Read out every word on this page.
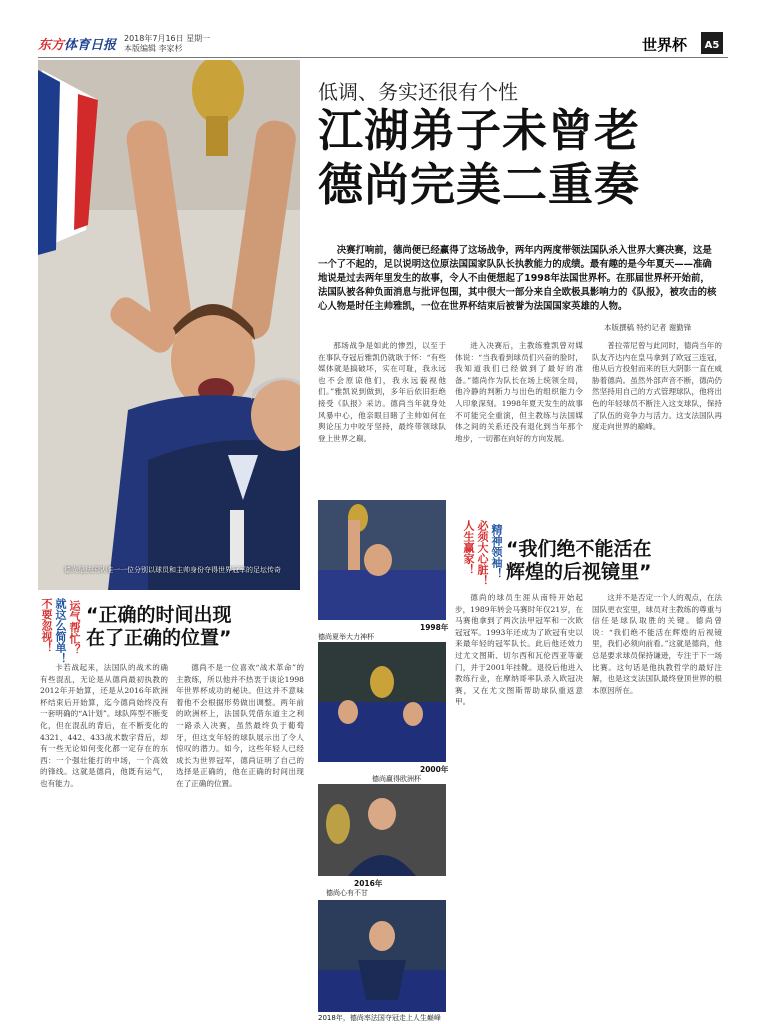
东方体育日报 2018年7月16日 星期一
本版编辑 李家杉	世界杯	A5
德尚是法国队唯一一位分别以球员和主帅身份夺得世界冠军的足坛传奇
低调、务实还很有个性
江湖弟子未曾老
德尚完美二重奏
决赛打响前，德尚便已经赢得了这场战争，两年内两度带领法国队杀入世界大赛决赛，这是一个了不起的，足以说明这位原法国国家队队长执教能力的成绩。最有趣的是今年夏天——准确地说是过去两年里发生的故事，令人不由便想起了1998年法国世界杯。在那届世界杯开始前，法国队被各种负面消息与批评包围，其中很大一部分来自全欧极具影响力的《队报》，被攻击的核心人物是时任主帅雅凯，一位在世界杯结束后被誉为法国国家英雄的人物。
本版撰稿 特约记者 谢勤锋
那场战争是如此的惨烈，以至于在事队夺冠后雅凯仍就耿于怀：“有些媒体就是搞破坏，实在可耻，我永远也不会原谅他们，我永远藐视他们。”雅凯说到做到，多年后依旧拒绝接受《队报》采访。德尚当年就身处风暴中心，他亲眼目睹了主帅如何在舆论压力中咬牙坚持，最终带领球队登上世界之巅。
进入决赛后，主教练雅凯曾对媒体说：“当我看到球员们兴奋的脸时，我知道我们已经做到了最好的准备。”德尚作为队长在场上统领全局，他冷静的判断力与出色的组织能力令人印象深刻。1998年夏天发生的故事不可能完全重演，但主教练与法国媒体之间的关系还没有退化到当年那个地步，一切都在向好的方向发展。
普拉蒂尼曾与此同时，德尚当年的队友齐达内在皇马拿到了欧冠三连冠，他从后方投射而来的巨大阴影一直在威胁着德尚。虽然外部声音不断，德尚仍然坚持用自己的方式管理球队，他将出色的年轻球员不断注入这支球队，保持了队伍的竞争力与活力。这支法国队再度走向世界的巅峰。
不要忽视！ 就这么简单！ 运气帮忙？ “正确的时间出现
在了正确的位置”
卡若战起来，法国队的战术的确有些混乱，无论是从德尚最初执教的2012年开始算，还是从2016年欧洲杯结束后开始算，迄今德尚始终没有一套明确的“A计划”。球队阵型不断变化，但在混乱的背后，在不断变化的4321、442、433战术数字背后，却有一些无论如何变化都一定存在的东西：一个强壮能打的中场，一个高效的锋线。这就是德尚，他既有运气，也有能力。
德尚不是一位喜欢“战术革命”的主教练，所以他并不热衷于谈论1998年世界杯成功的秘诀。但这并不意味着他不会根据形势做出调整。两年前的欧洲杯上，法国队凭借东道主之利一路杀入决赛，虽然最终负于葡萄牙，但这支年轻的球队展示出了令人惊叹的潜力。如今，这些年轻人已经成长为世界冠军，德尚证明了自己的选择是正确的，他在正确的时间出现在了正确的位置。
1998年
德尚夏举大力神杯
2000年
德尚赢得欧洲杯
2016年
德尚心有不甘
2018年，德尚率法国夺冠走上人生巅峰
人生赢家！ 必须大心脏！ 精神领袖！ “我们绝不能活在
辉煌的后视镜里”
德尚的球员生涯从南特开始起步，1989年转会马赛时年仅21岁，在马赛他拿到了两次法甲冠军和一次欧冠冠军。1993年还成为了欧冠有史以来最年轻的冠军队长。此后他还效力过尤文图斯、切尔西和瓦伦西亚等豪门，并于2001年挂靴。退役后他进入教练行业，在摩纳哥率队杀入欧冠决赛，又在尤文图斯帮助球队重返意甲。
这并不是否定一个人的观点，在法国队更衣室里，球员对主教练的尊重与信任是球队取胜的关键。德尚曾说：“我们绝不能活在辉煌的后视镜里，我们必须向前看。”这就是德尚，他总是要求球员保持谦逊，专注于下一场比赛。这句话是他执教哲学的最好注解，也是这支法国队最终登顶世界的根本原因所在。
